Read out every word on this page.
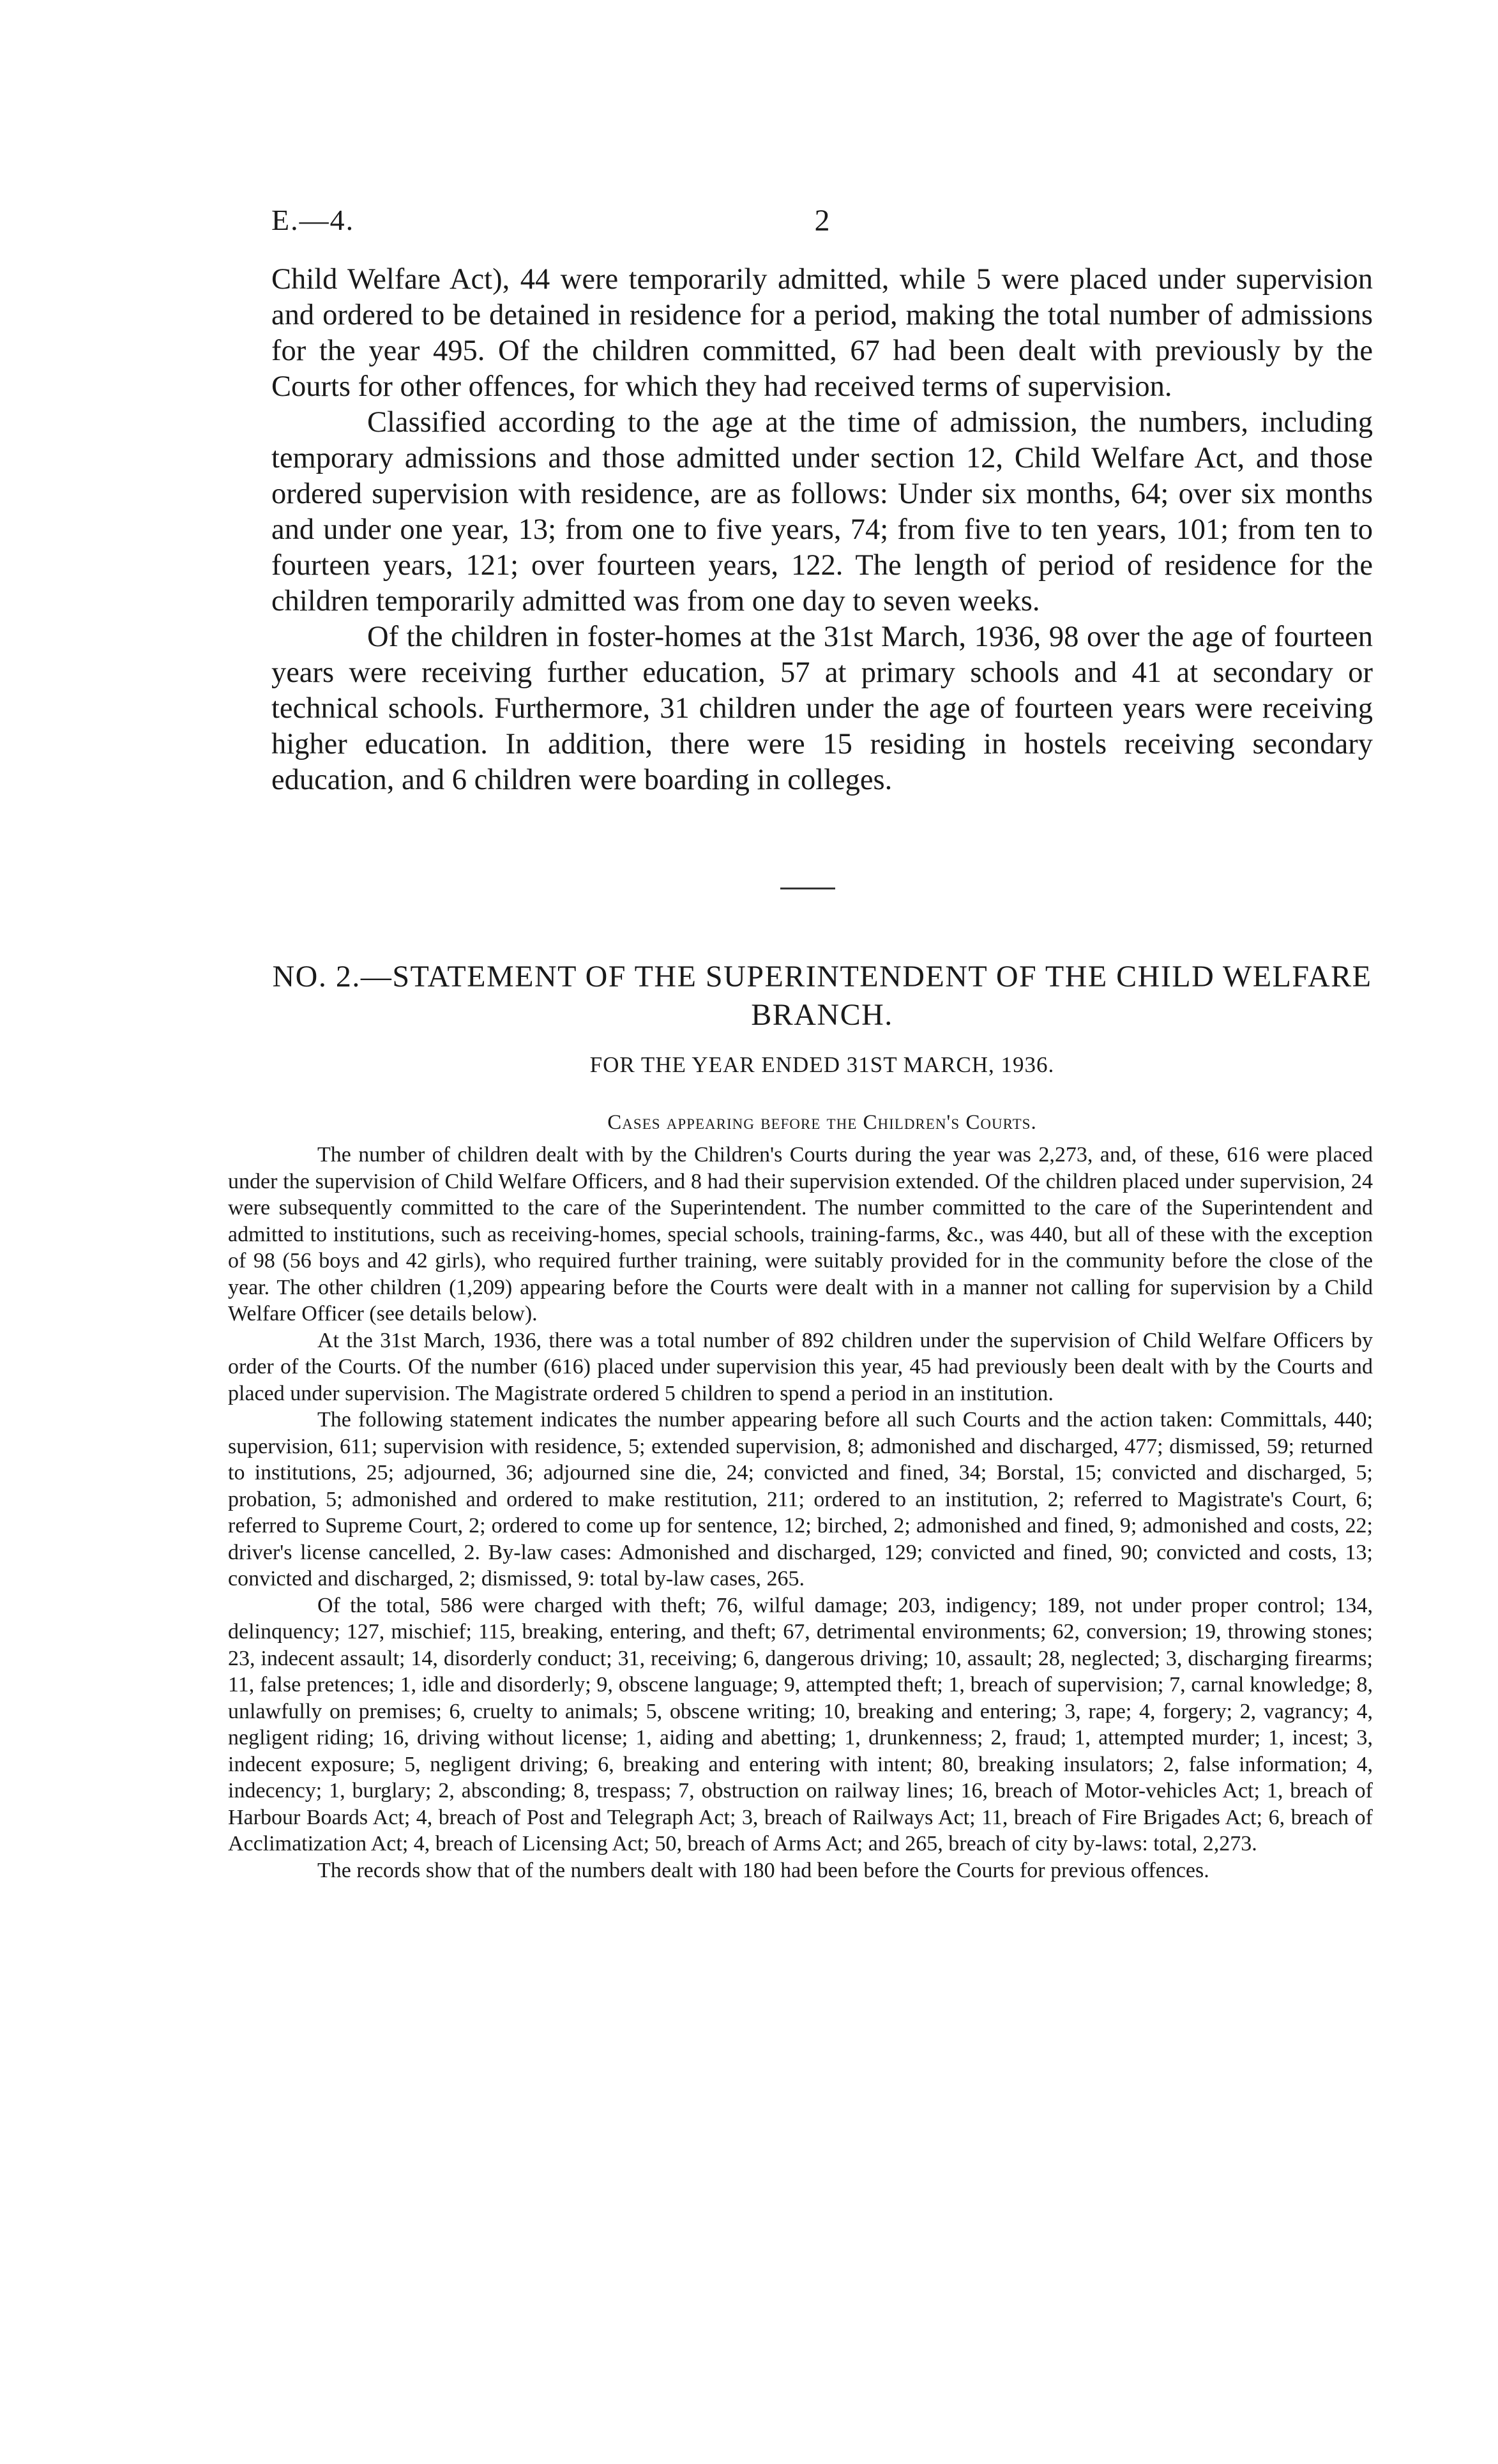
E.—4.	2

Child Welfare Act), 44 were temporarily admitted, while 5 were placed under supervision and ordered to be detained in residence for a period, making the total number of admissions for the year 495. Of the children committed, 67 had been dealt with previously by the Courts for other offences, for which they had received terms of supervision.

Classified according to the age at the time of admission, the numbers, including temporary admissions and those admitted under section 12, Child Welfare Act, and those ordered supervision with residence, are as follows: Under six months, 64; over six months and under one year, 13; from one to five years, 74; from five to ten years, 101; from ten to fourteen years, 121; over fourteen years, 122. The length of period of residence for the children temporarily admitted was from one day to seven weeks.

Of the children in foster-homes at the 31st March, 1936, 98 over the age of fourteen years were receiving further education, 57 at primary schools and 41 at secondary or technical schools. Furthermore, 31 children under the age of fourteen years were receiving higher education. In addition, there were 15 residing in hostels receiving secondary education, and 6 children were boarding in colleges.

NO. 2.—STATEMENT OF THE SUPERINTENDENT OF THE CHILD WELFARE BRANCH.
FOR THE YEAR ENDED 31ST MARCH, 1936.
Cases appearing before the Children's Courts.

The number of children dealt with by the Children's Courts during the year was 2,273, and, of these, 616 were placed under the supervision of Child Welfare Officers, and 8 had their supervision extended. Of the children placed under supervision, 24 were subsequently committed to the care of the Superintendent. The number committed to the care of the Superintendent and admitted to institutions, such as receiving-homes, special schools, training-farms, &c., was 440, but all of these with the exception of 98 (56 boys and 42 girls), who required further training, were suitably provided for in the community before the close of the year. The other children (1,209) appearing before the Courts were dealt with in a manner not calling for supervision by a Child Welfare Officer (see details below).

At the 31st March, 1936, there was a total number of 892 children under the supervision of Child Welfare Officers by order of the Courts. Of the number (616) placed under supervision this year, 45 had previously been dealt with by the Courts and placed under supervision. The Magistrate ordered 5 children to spend a period in an institution.

The following statement indicates the number appearing before all such Courts and the action taken: Committals, 440; supervision, 611; supervision with residence, 5; extended supervision, 8; admonished and discharged, 477; dismissed, 59; returned to institutions, 25; adjourned, 36; adjourned sine die, 24; convicted and fined, 34; Borstal, 15; convicted and discharged, 5; probation, 5; admonished and ordered to make restitution, 211; ordered to an institution, 2; referred to Magistrate's Court, 6; referred to Supreme Court, 2; ordered to come up for sentence, 12; birched, 2; admonished and fined, 9; admonished and costs, 22; driver's license cancelled, 2. By-law cases: Admonished and discharged, 129; convicted and fined, 90; convicted and costs, 13; convicted and discharged, 2; dismissed, 9: total by-law cases, 265.

Of the total, 586 were charged with theft; 76, wilful damage; 203, indigency; 189, not under proper control; 134, delinquency; 127, mischief; 115, breaking, entering, and theft; 67, detrimental environments; 62, conversion; 19, throwing stones; 23, indecent assault; 14, disorderly conduct; 31, receiving; 6, dangerous driving; 10, assault; 28, neglected; 3, discharging firearms; 11, false pretences; 1, idle and disorderly; 9, obscene language; 9, attempted theft; 1, breach of supervision; 7, carnal knowledge; 8, unlawfully on premises; 6, cruelty to animals; 5, obscene writing; 10, breaking and entering; 3, rape; 4, forgery; 2, vagrancy; 4, negligent riding; 16, driving without license; 1, aiding and abetting; 1, drunkenness; 2, fraud; 1, attempted murder; 1, incest; 3, indecent exposure; 5, negligent driving; 6, breaking and entering with intent; 80, breaking insulators; 2, false information; 4, indecency; 1, burglary; 2, absconding; 8, trespass; 7, obstruction on railway lines; 16, breach of Motor-vehicles Act; 1, breach of Harbour Boards Act; 4, breach of Post and Telegraph Act; 3, breach of Railways Act; 11, breach of Fire Brigades Act; 6, breach of Acclimatization Act; 4, breach of Licensing Act; 50, breach of Arms Act; and 265, breach of city by-laws: total, 2,273.

The records show that of the numbers dealt with 180 had been before the Courts for previous offences.
